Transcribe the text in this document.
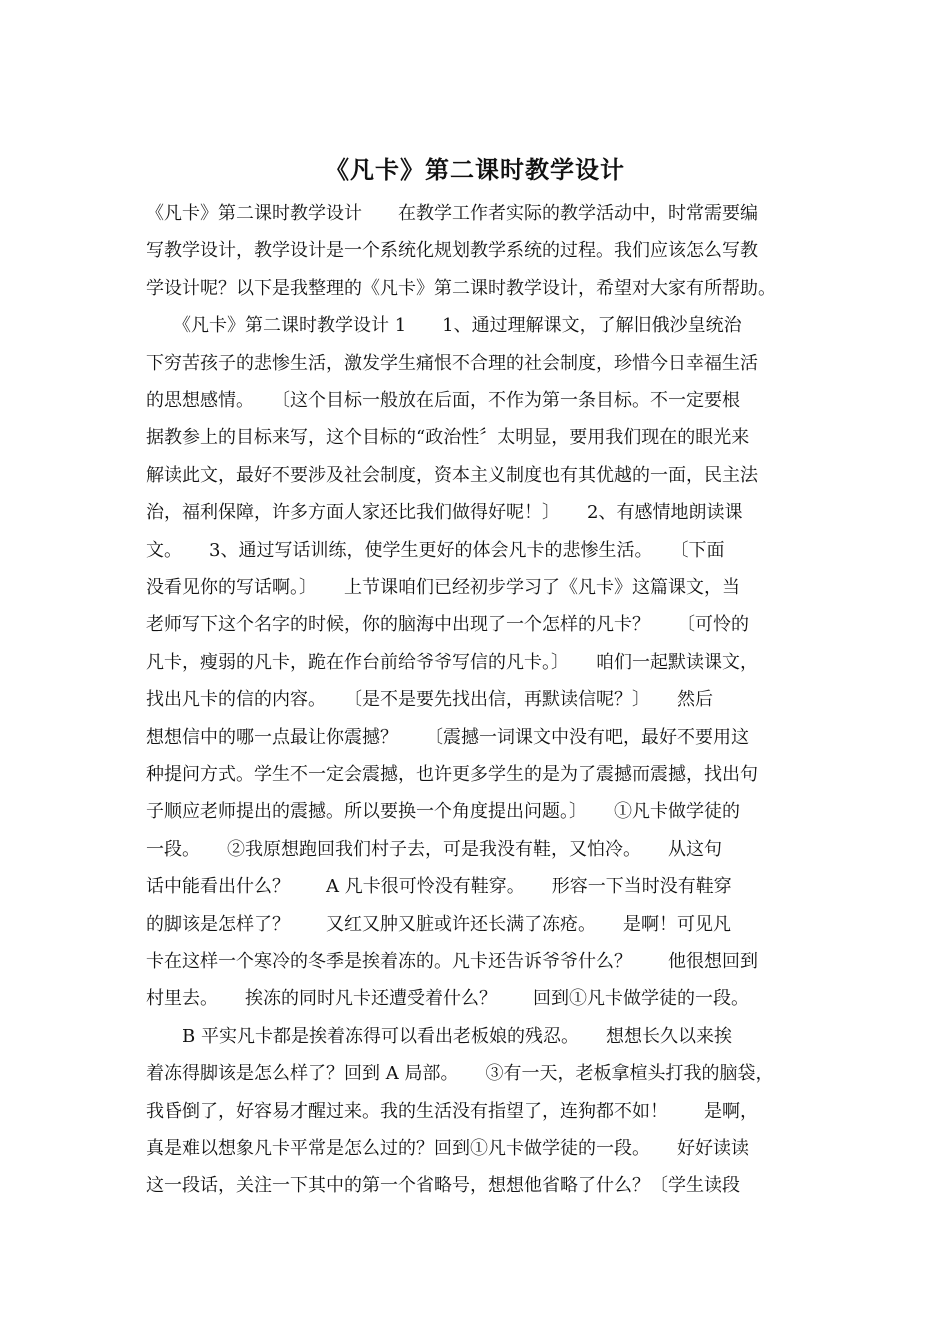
《凡卡》第二课时教学设计
《凡卡》第二课时教学设计　　在教学工作者实际的教学活动中，时常需要编
写教学设计，教学设计是一个系统化规划教学系统的过程。我们应该怎么写教
学设计呢？以下是我整理的《凡卡》第二课时教学设计，希望对大家有所帮助。
　　《凡卡》第二课时教学设计 1　　1、通过理解课文，了解旧俄沙皇统治
下穷苦孩子的悲惨生活，激发学生痛恨不合理的社会制度，珍惜今日幸福生活
的思想感情。　　〔这个目标一般放在后面，不作为第一条目标。不一定要根
据教参上的目标来写，这个目标的“政治性〞太明显，要用我们现在的眼光来
解读此文，最好不要涉及社会制度，资本主义制度也有其优越的一面，民主法
治，福利保障，许多方面人家还比我们做得好呢！〕　　2、有感情地朗读课
文。　　3、通过写话训练，使学生更好的体会凡卡的悲惨生活。　　〔下面
没看见你的写话啊。〕　　上节课咱们已经初步学习了《凡卡》这篇课文，当
老师写下这个名字的时候，你的脑海中出现了一个怎样的凡卡？　　〔可怜的
凡卡，瘦弱的凡卡，跪在作台前给爷爷写信的凡卡。〕　　咱们一起默读课文，
找出凡卡的信的内容。　　〔是不是要先找出信，再默读信呢？〕　　然后
想想信中的哪一点最让你震撼？　　〔震撼一词课文中没有吧，最好不要用这
种提问方式。学生不一定会震撼，也许更多学生的是为了震撼而震撼，找出句
子顺应老师提出的震撼。所以要换一个角度提出问题。〕　　①凡卡做学徒的
一段。　　②我原想跑回我们村子去，可是我没有鞋，又怕冷。　　从这句
话中能看出什么？　　A 凡卡很可怜没有鞋穿。　　形容一下当时没有鞋穿
的脚该是怎样了？　　又红又肿又脏或许还长满了冻疮。　　是啊！可见凡
卡在这样一个寒冷的冬季是挨着冻的。凡卡还告诉爷爷什么？　　他很想回到
村里去。　　挨冻的同时凡卡还遭受着什么？　　回到①凡卡做学徒的一段。
　　B 平实凡卡都是挨着冻得可以看出老板娘的残忍。　　想想长久以来挨
着冻得脚该是怎么样了？回到 A 局部。　　③有一天，老板拿楦头打我的脑袋，
我昏倒了，好容易才醒过来。我的生活没有指望了，连狗都不如！　　是啊，
真是难以想象凡卡平常是怎么过的？回到①凡卡做学徒的一段。　　好好读读
这一段话，关注一下其中的第一个省略号，想想他省略了什么？〔学生读段
